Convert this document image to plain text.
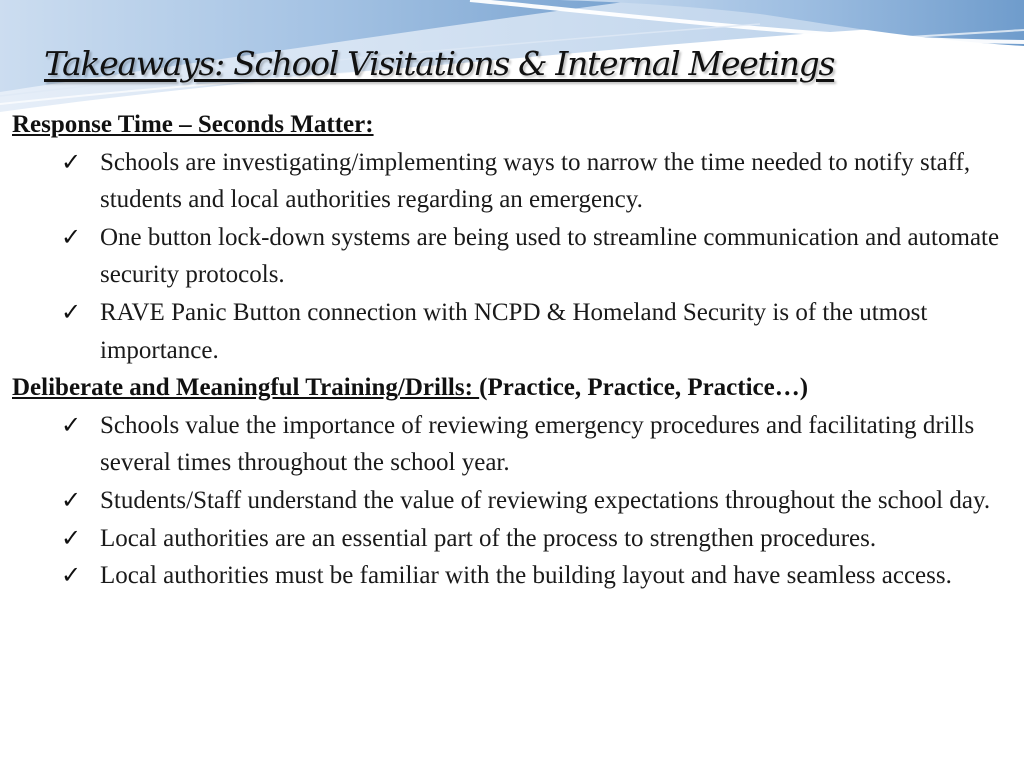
Takeaways: School Visitations & Internal Meetings
Response Time – Seconds Matter:
✓ Schools are investigating/implementing ways to narrow the time needed to notify staff, students and local authorities regarding an emergency.
✓ One button lock-down systems are being used to streamline communication and automate security protocols.
✓ RAVE Panic Button connection with NCPD & Homeland Security is of the utmost importance.
Deliberate and Meaningful Training/Drills: (Practice, Practice, Practice…)
✓ Schools value the importance of reviewing emergency procedures and facilitating drills several times throughout the school year.
✓ Students/Staff understand the value of reviewing expectations throughout the school day.
✓ Local authorities are an essential part of the process to strengthen procedures.
✓ Local authorities must be familiar with the building layout and have seamless access.
